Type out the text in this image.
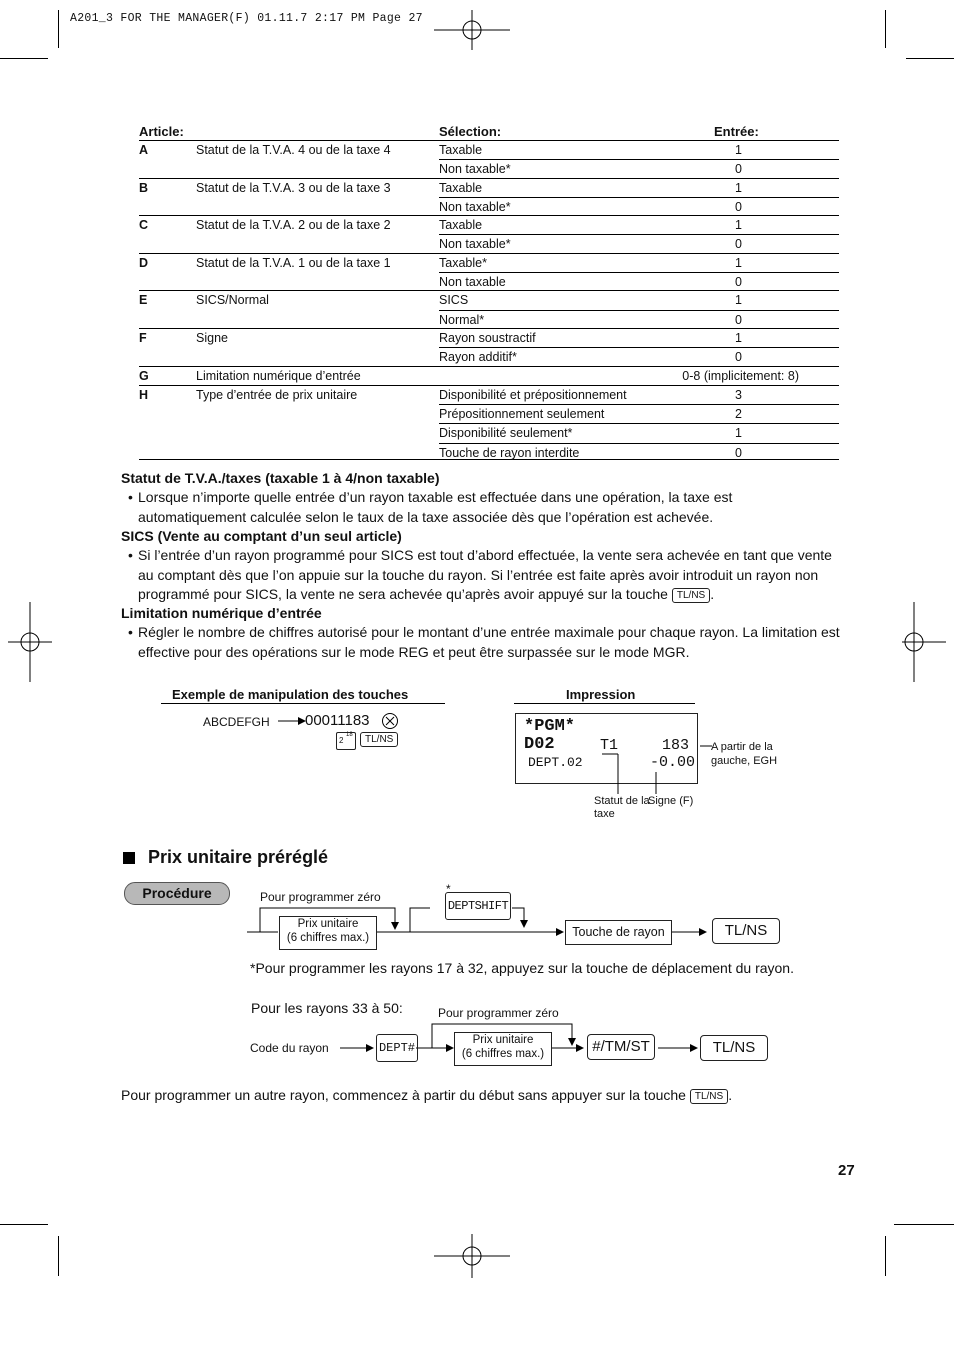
A201_3 FOR THE MANAGER(F) 01.11.7 2:17 PM Page 27
Article:	Sélection:	Entrée:
A	Statut de la T.V.A. 4 ou de la taxe 4	Taxable	1
Non taxable*	0
B	Statut de la T.V.A. 3 ou de la taxe 3	Taxable	1
Non taxable*	0
C	Statut de la T.V.A. 2 ou de la taxe 2	Taxable	1
Non taxable*	0
D	Statut de la T.V.A. 1 ou de la taxe 1	Taxable*	1
Non taxable	0
E	SICS/Normal	SICS	1
Normal*	0
F	Signe	Rayon soustractif	1
Rayon additif*	0
G	Limitation numérique d’entrée	0-8 (implicitement: 8)
H	Type d’entrée de prix unitaire	Disponibilité et prépositionnement	3
Prépositionnement seulement	2
Disponibilité seulement*	1
Touche de rayon interdite	0
Statut de T.V.A./taxes (taxable 1 à 4/non taxable)
• Lorsque n’importe quelle entrée d’un rayon taxable est effectuée dans une opération, la taxe est automatiquement calculée selon le taux de la taxe associée dès que l’opération est achevée.
SICS (Vente au comptant d’un seul article)
• Si l’entrée d’un rayon programmé pour SICS est tout d’abord effectuée, la vente sera achevée en tant que vente au comptant dès que l’on appuie sur la touche du rayon. Si l’entrée est faite après avoir introduit un rayon non programmé pour SICS, la vente ne sera achevée qu’après avoir appuyé sur la touche TL/NS .
Limitation numérique d’entrée
• Régler le nombre de chiffres autorisé pour le montant d’une entrée maximale pour chaque rayon. La limitation est effective pour des opérations sur le mode REG et peut être surpassée sur le mode MGR.
Exemple de manipulation des touches
ABCDEFGH 00011183
2
18	TL/NS
Impression
*PGM*
D02	T1	183
DEPT.02	-0.00
A partir de la gauche, EGH
Statut de la taxe
Signe (F)
Prix unitaire préréglé
Procédure	Pour programmer zéro
Prix unitaire
(6 chiffres max.)
*
DEPTSHIFT
Touche de rayon	TL/NS
*Pour programmer les rayons 17 à 32, appuyez sur la touche de déplacement du rayon.
Pour les rayons 33 à 50:	Pour programmer zéro
Code du rayon	DEPT#
Prix unitaire
(6 chiffres max.)	#/TM/ST	TL/NS
Pour programmer un autre rayon, commencez à partir du début sans appuyer sur la touche TL/NS .
27
